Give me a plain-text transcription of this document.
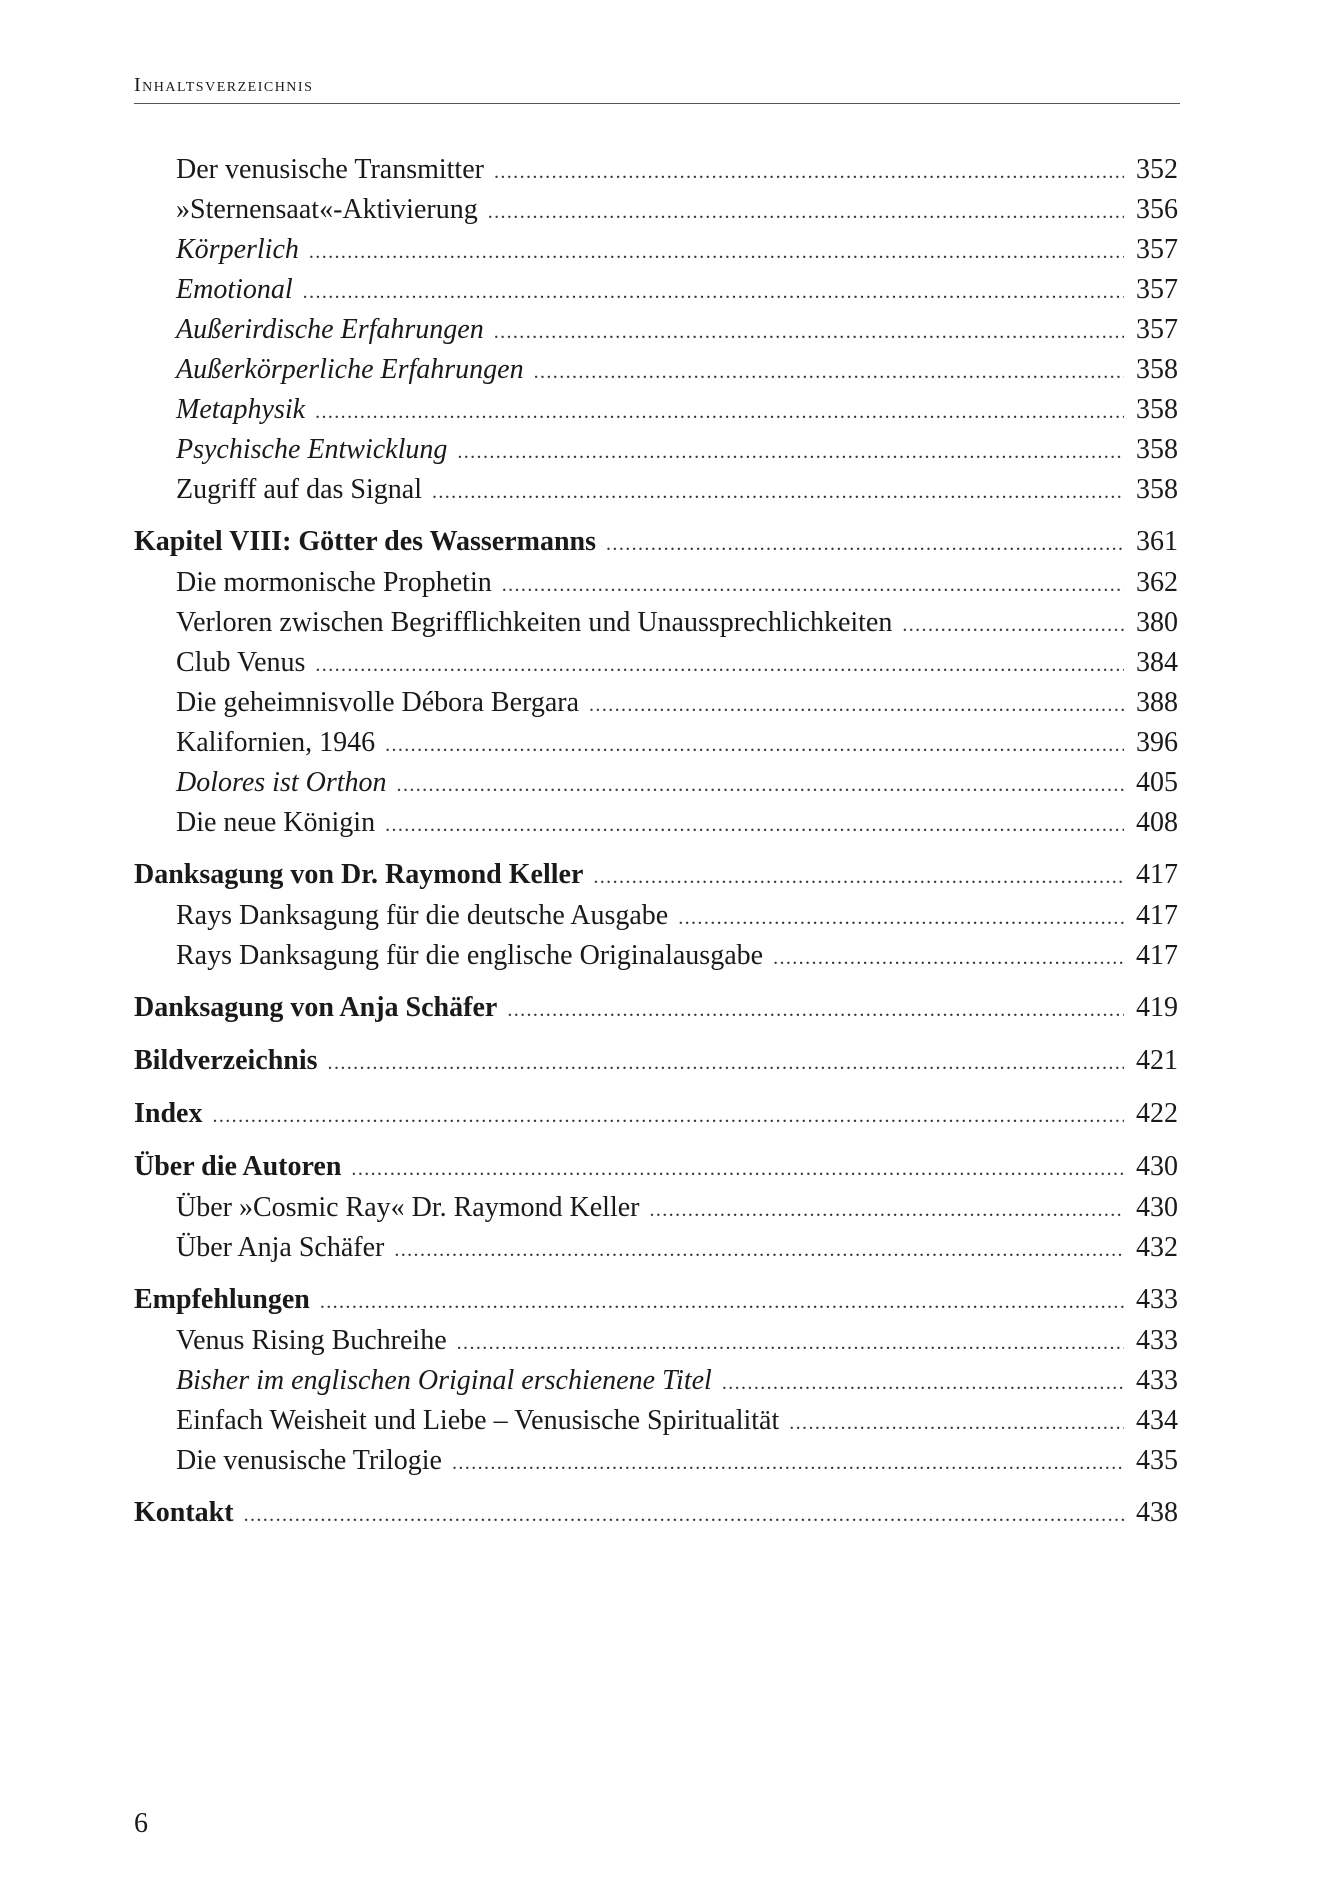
Inhaltsverzeichnis
Der venusische Transmitter . . .	352
»Sternensaat«-Aktivierung . . .	356
Körperlich . . .	357
Emotional . . .	357
Außerirdische Erfahrungen . . .	357
Außerkörperliche Erfahrungen . . .	358
Metaphysik . . .	358
Psychische Entwicklung . . .	358
Zugriff auf das Signal . . .	358
Kapitel VIII: Götter des Wassermanns . . .	361
Die mormonische Prophetin . . .	362
Verloren zwischen Begrifflichkeiten und Unaussprechlichkeiten . . .	380
Club Venus . . .	384
Die geheimnisvolle Débora Bergara . . .	388
Kalifornien, 1946 . . .	396
Dolores ist Orthon . . .	405
Die neue Königin . . .	408
Danksagung von Dr. Raymond Keller . . .	417
Rays Danksagung für die deutsche Ausgabe . . .	417
Rays Danksagung für die englische Originalausgabe . . .	417
Danksagung von Anja Schäfer . . .	419
Bildverzeichnis . . .	421
Index . . .	422
Über die Autoren . . .	430
Über »Cosmic Ray« Dr. Raymond Keller . . .	430
Über Anja Schäfer . . .	432
Empfehlungen . . .	433
Venus Rising Buchreihe . . .	433
Bisher im englischen Original erschienene Titel . . .	433
Einfach Weisheit und Liebe – Venusische Spiritualität . . .	434
Die venusische Trilogie . . .	435
Kontakt . . .	438
6
